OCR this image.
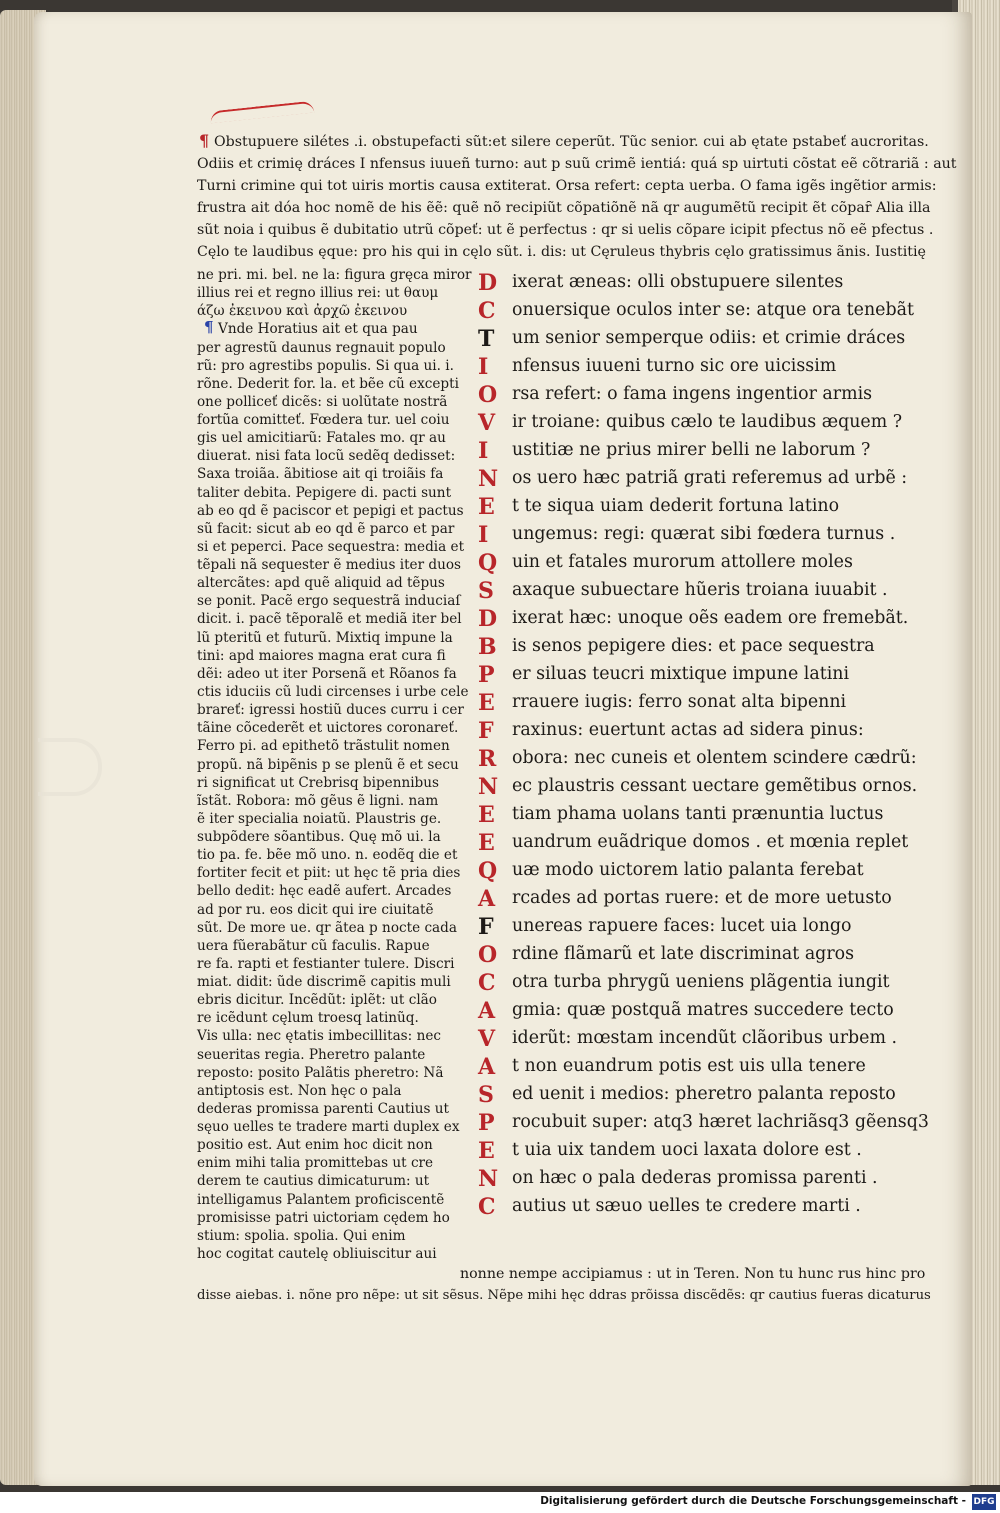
¶ Obstupuere silétes .i. obstupefacti sũt:et silere ceperũt. Tũc senior. cui ab ętate pstabeť aucroritas.
Odiis et crimię dráces I nfensus iuueñ turno: aut p suũ crimẽ ientiá: quá sp uirtuti cõstat eẽ cõtrariã : aut
Turni crimine qui tot uiris mortis causa extiterat. Orsa refert: cepta uerba. O fama igẽs ingẽtior armis:
frustra ait dóa hoc nomẽ de his ẽẽ: quẽ nõ recipiũt cõpatiõnẽ nã qr augumẽtũ recipit ẽt cõpaȓ Alia illa
sũt noia i quibus ẽ dubitatio utrũ cõpeť: ut ẽ perfectus : qr si uelis cõpare icipit pfectus nõ eẽ pfectus .
Cęlo te laudibus ęque: pro his qui in cęlo sũt. i. dis: ut Cęruleus thybris cęlo gratissimus ãnis. Iustitię
ne pri. mi. bel. ne la: figura gręca miror
illius rei et regno illius rei: ut θαυμ
άζω ἐκεινου καὶ ἀρχῶ ἐκεινου
¶ Vnde Horatius ait et qua pau
per agrestũ daunus regnauit populo
rũ: pro agrestibs populis. Si qua ui. i.
rõne. Dederit for. la. et bẽe cũ excepti
one polliceť dicẽs: si uolũtate nostrã
fortũa comitteť. Fœdera tur. uel coiu
gis uel amicitiarũ: Fatales mo. qr au
diuerat. nisi fata locũ sedẽq dedisset:
Saxa troiãa. ãbitiose ait qi troiãis fa
taliter debita. Pepigere di. pacti sunt
ab eo qd ẽ paciscor et pepigi et pactus
sũ facit: sicut ab eo qd ẽ parco et par
si et peperci. Pace sequestra: media et
tẽpali nã sequester ẽ medius iter duos
altercãtes: apd quẽ aliquid ad tẽpus
se ponit. Pacẽ ergo sequestrã induciaſ
dicit. i. pacẽ tẽporalẽ et mediã iter bel
lũ pteritũ et futurũ. Mixtiq impune la
tini: apd maiores magna erat cura fi
dẽi: adeo ut iter Porsenã et Rõanos fa
ctis iduciis cũ ludi circenses i urbe cele
brareť: igressi hostiũ duces curru i cer
tãine cõcederẽt et uictores coronareť.
Ferro pi. ad epithetõ trãstulit nomen
propũ. nã bipẽnis p se plenũ ẽ et secu
ri significat ut Crebrisq bipennibus
ĩstãt. Robora: mõ gẽus ẽ ligni. nam
ẽ iter specialia noiatũ. Plaustris ge.
subpõdere sõantibus. Quę mõ ui. la
tio pa. fe. bẽe mõ uno. n. eodẽq die et
fortiter fecit et piit: ut hęc tẽ pria dies
bello dedit: hęc eadẽ aufert. Arcades
ad por ru. eos dicit qui ire ciuitatẽ
sũt. De more ue. qr ãtea p nocte cada
uera fũerabãtur cũ faculis. Rapue
re fa. rapti et festianter tulere. Discri
miat. didit: ũde discrimẽ capitis muli
ebris dicitur. Incẽdũt: iplẽt: ut clão
re icẽdunt cęlum troesq latinũq.
Vis ulla: nec ętatis imbecillitas: nec
seueritas regia. Pheretro palante
reposto: posito Palãtis pheretro: Nã
antiptosis est. Non hęc o pala
dederas promissa parenti Cautius ut
sęuo uelles te tradere marti duplex ex
positio est. Aut enim hoc dicit non
enim mihi talia promittebas ut cre
derem te cautius dimicaturum: ut
intelligamus Palantem proficiscentẽ
promisisse patri uictoriam cędem ho
stium: spolia. spolia. Qui enim
hoc cogitat cautelę obliuiscitur aui
D ixerat æneas: olli obstupuere silentes
C onuersique oculos inter se: atque ora tenebãt
T um senior semperque odiis: et crimie dráces
I nfensus iuueni turno sic ore uicissim
O rsa refert: o fama ingens ingentior armis
V ir troiane: quibus cælo te laudibus æquem ?
I ustitiæ ne prius mirer belli ne laborum ?
N os uero hæc patriã grati referemus ad urbẽ :
E t te siqua uiam dederit fortuna latino
I ungemus: regi: quærat sibi fœdera turnus .
Q uin et fatales murorum attollere moles
S axaque subuectare hũeris troiana iuuabit .
D ixerat hæc: unoque oẽs eadem ore fremebãt.
B is senos pepigere dies: et pace sequestra
P er siluas teucri mixtique impune latini
E rrauere iugis: ferro sonat alta bipenni
F raxinus: euertunt actas ad sidera pinus:
R obora: nec cuneis et olentem scindere cædrũ:
N ec plaustris cessant uectare gemẽtibus ornos.
E tiam phama uolans tanti prænuntia luctus
E uandrum euãdrique domos . et mœnia replet
Q uæ modo uictorem latio palanta ferebat
A rcades ad portas ruere: et de more uetusto
F unereas rapuere faces: lucet uia longo
O rdine flãmarũ et late discriminat agros
C otra turba phrygũ ueniens plãgentia iungit
A gmia: quæ postquã matres succedere tecto
V iderũt: mœstam incendũt clãoribus urbem .
A t non euandrum potis est uis ulla tenere
S ed uenit i medios: pheretro palanta reposto
P rocubuit super: atq3 hæret lachriãsq3 gẽensq3
E t uia uix tandem uoci laxata dolore est .
N on hæc o pala dederas promissa parenti .
C autius ut sæuo uelles te credere marti .
nonne nempe accipiamus : ut in Teren. Non tu hunc rus hinc pro
disse aiebas. i. nõne pro nẽpe: ut sit sẽsus. Nẽpe mihi hęc ddras prõissa discẽdẽs: qr cautius fueras dicaturus
Digitalisierung gefördert durch die Deutsche Forschungsgemeinschaft - DFG
